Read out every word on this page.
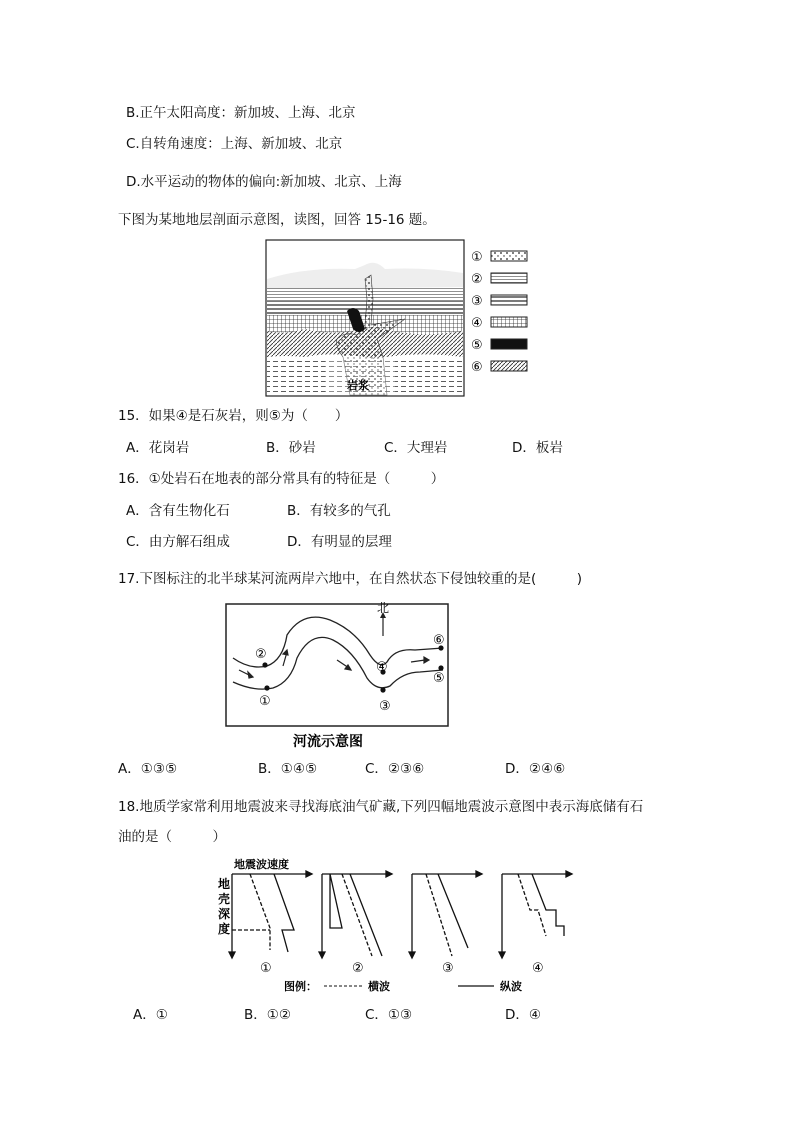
B.正午太阳高度：新加坡、上海、北京
C.自转角速度：上海、新加坡、北京
D.水平运动的物体的偏向:新加坡、北京、上海
下图为某地地层剖面示意图，读图，回答 15-16 题。
岩浆
①
②
③
④
⑤
⑥
15．如果④是石灰岩，则⑤为（　　）
A．花岗岩	B．砂岩	C．大理岩	D．板岩
16．①处岩石在地表的部分常具有的特征是（　　　）
A．含有生物化石	B．有较多的气孔
C．由方解石组成	D．有明显的层理
17.下图标注的北半球某河流两岸六地中，在自然状态下侵蚀较重的是(　　　)
北
①
②
③
④
⑤
⑥
河流示意图
A．①③⑤	B．①④⑤	C．②③⑥	D．②④⑥
18.地质学家常利用地震波来寻找海底油气矿藏,下列四幅地震波示意图中表示海底储有石
油的是（　　　）
地震波速度
地
壳
深
度
①	②	③	④
图例：	横波	纵波
A．①	B．①②	C．①③	D．④
